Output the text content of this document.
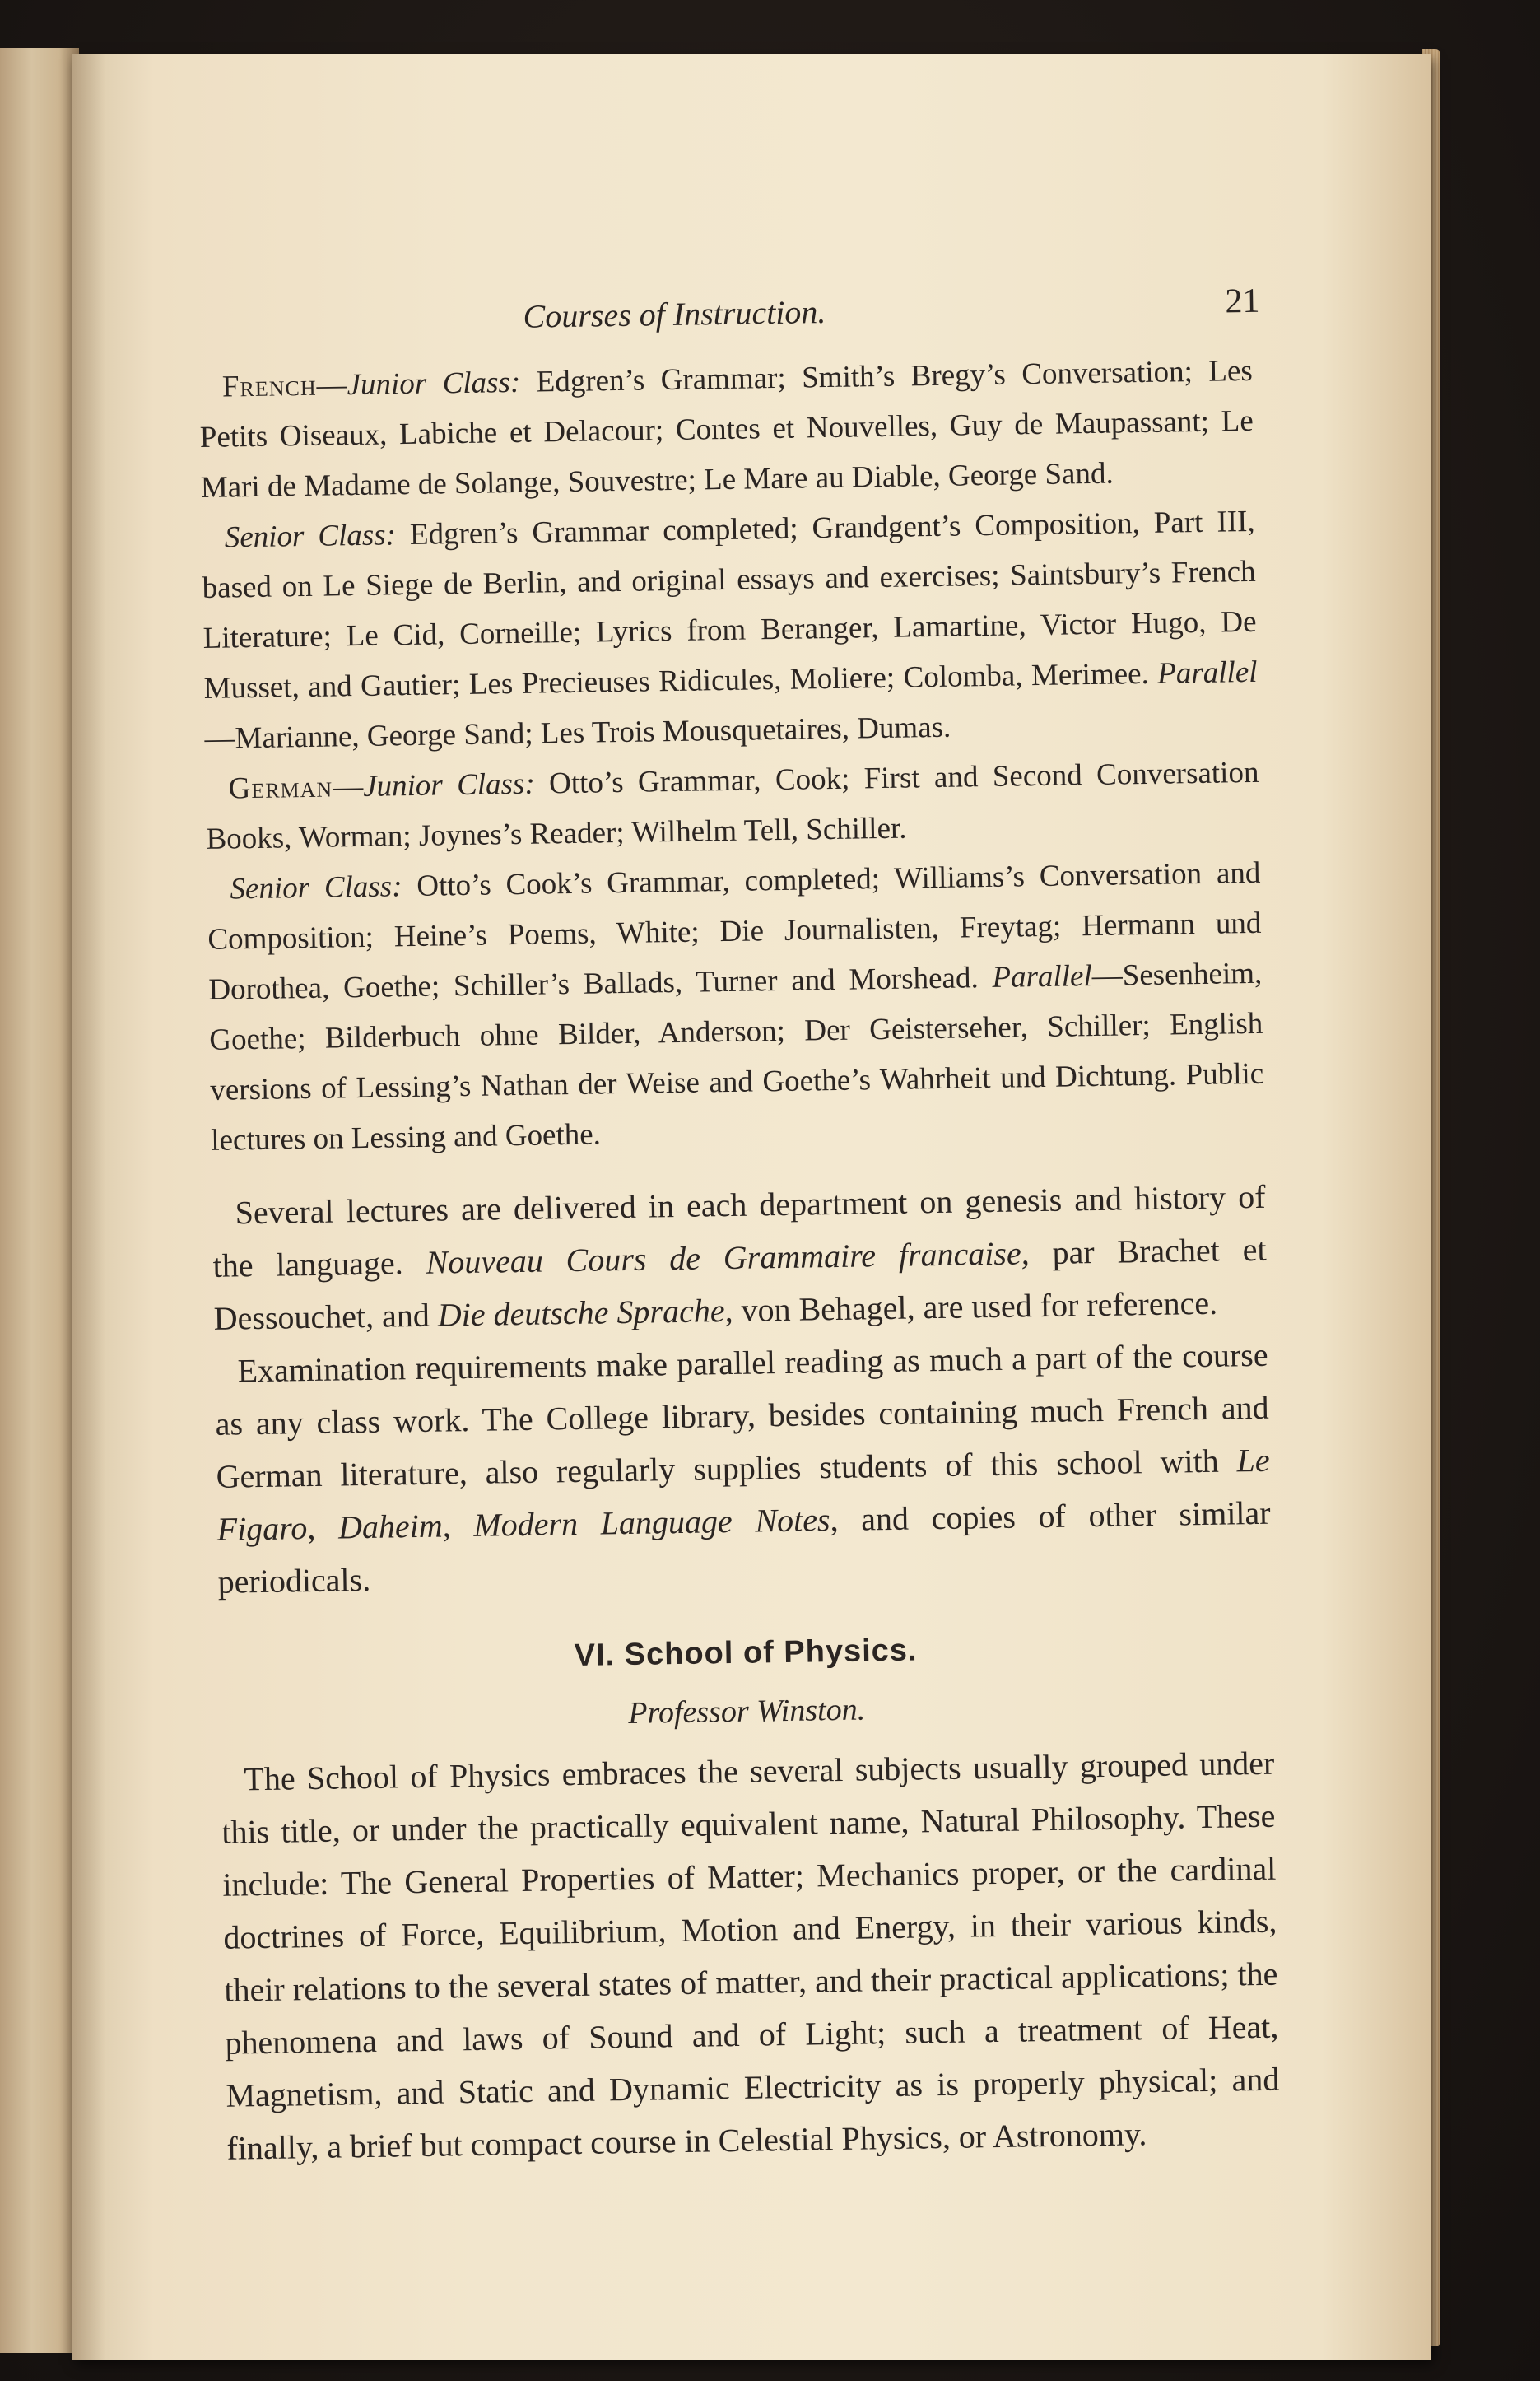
Courses of Instruction.	21

French—Junior Class: Edgren’s Grammar; Smith’s Bregy’s Conversation; Les Petits Oiseaux, Labiche et Delacour; Contes et Nouvelles, Guy de Maupassant; Le Mari de Madame de Solange, Souvestre; Le Mare au Diable, George Sand.

Senior Class: Edgren’s Grammar completed; Grandgent’s Composition, Part III, based on Le Siege de Berlin, and original essays and exercises; Saintsbury’s French Literature; Le Cid, Corneille; Lyrics from Beranger, Lamartine, Victor Hugo, De Musset, and Gautier; Les Precieuses Ridicules, Moliere; Colomba, Merimee. Parallel—Marianne, George Sand; Les Trois Mousquetaires, Dumas.

German—Junior Class: Otto’s Grammar, Cook; First and Second Conversation Books, Worman; Joynes’s Reader; Wilhelm Tell, Schiller.

Senior Class: Otto’s Cook’s Grammar, completed; Williams’s Conversation and Composition; Heine’s Poems, White; Die Journalisten, Freytag; Hermann und Dorothea, Goethe; Schiller’s Ballads, Turner and Morshead. Parallel—Sesenheim, Goethe; Bilderbuch ohne Bilder, Anderson; Der Geisterseher, Schiller; English versions of Lessing’s Nathan der Weise and Goethe’s Wahrheit und Dichtung. Public lectures on Lessing and Goethe.

Several lectures are delivered in each department on genesis and history of the language. Nouveau Cours de Grammaire francaise, par Brachet et Dessouchet, and Die deutsche Sprache, von Behagel, are used for reference.

Examination requirements make parallel reading as much a part of the course as any class work. The College library, besides containing much French and German literature, also regularly supplies students of this school with Le Figaro, Daheim, Modern Language Notes, and copies of other similar periodicals.

VI. School of Physics.
Professor Winston.

The School of Physics embraces the several subjects usually grouped under this title, or under the practically equivalent name, Natural Philosophy. These include: The General Properties of Matter; Mechanics proper, or the cardinal doctrines of Force, Equilibrium, Motion and Energy, in their various kinds, their relations to the several states of matter, and their practical applications; the phenomena and laws of Sound and of Light; such a treatment of Heat, Magnetism, and Static and Dynamic Electricity as is properly physical; and finally, a brief but compact course in Celestial Physics, or Astronomy.
